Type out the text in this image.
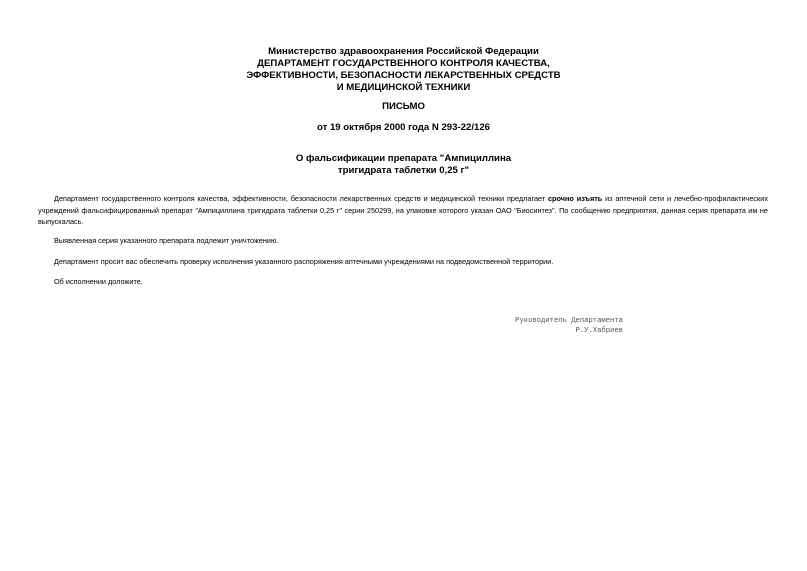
Министерство здравоохранения Российской Федерации
ДЕПАРТАМЕНТ ГОСУДАРСТВЕННОГО КОНТРОЛЯ КАЧЕСТВА,
ЭФФЕКТИВНОСТИ, БЕЗОПАСНОСТИ ЛЕКАРСТВЕННЫХ СРЕДСТВ
И МЕДИЦИНСКОЙ ТЕХНИКИ
ПИСЬМО
от 19 октября 2000 года N 293-22/126
О фальсификации препарата "Ампициллина
тригидрата таблетки 0,25 г"

Департамент государственного контроля качества, эффективности, безопасности лекарственных средств и медицинской техники предлагает срочно изъять из аптечной сети и лечебно-профилактических учреждений фальсифицированный препарат "Ампициллина тригидрата таблетки 0,25 г" серии 250299, на упаковке которого указан ОАО "Биосинтез". По сообщению предприятия, данная серия препарата им не выпускалась.

Выявленная серия указанного препарата подлежит уничтожению.

Департамент просит вас обеспечить проверку исполнения указанного распоряжения аптечными учреждениями на подведомственной территории.

Об исполнении доложите.

Руководитель Департамента
Р.У.Хабриев
